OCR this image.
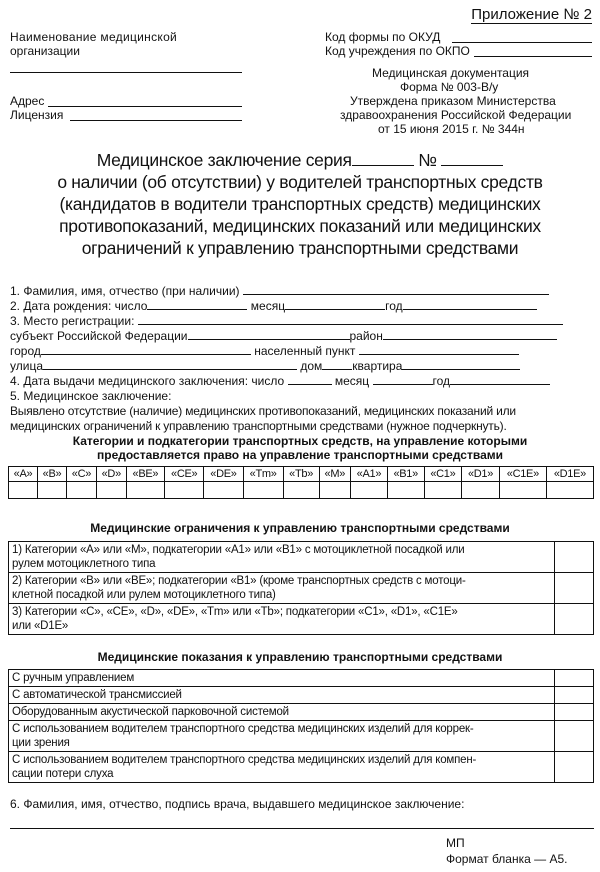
Приложение № 2
Наименование медицинской
организации
Адрес
Лицензия
Код формы по ОКУД
Код учреждения по ОКПО
Медицинская документация
Форма № 003-В/у
Утверждена приказом Министерства
здравоохранения Российской Федерации
от 15 июня 2015 г. № 344н
Медицинское заключение серия	№
о наличии (об отсутствии) у водителей транспортных средств
(кандидатов в водители транспортных средств) медицинских
противопоказаний, медицинских показаний или медицинских
ограничений к управлению транспортными средствами
1. Фамилия, имя, отчество (при наличии)
2. Дата рождения: число	месяц	год
3. Место регистрации:
субъект Российской Федерации	район
город	населенный пункт
улица	дом	квартира
4. Дата выдачи медицинского заключения: число	месяц	год
5. Медицинское заключение:
Выявлено отсутствие (наличие) медицинских противопоказаний, медицинских показаний или
медицинских ограничений к управлению транспортными средствами (нужное подчеркнуть).
Категории и подкатегории транспортных средств, на управление которыми
предоставляется право на управление транспортными средствами
«А»	«В»	«С»	«D»	«ВЕ»	«СЕ»	«DE»	«Tm»	«Tb»	«М»	«А1»	«В1»	«С1»	«D1»	«С1Е»	«D1E»

Медицинские ограничения к управлению транспортными средствами
1) Категории «А» или «М», подкатегории «А1» или «В1» с мотоциклетной посадкой или
рулем мотоциклетного типа	

2) Категории «В» или «ВЕ»; подкатегории «В1» (кроме транспортных средств с мотоци-
клетной посадкой или рулем мотоциклетного типа)	

3) Категории «С», «СЕ», «D», «DE», «Tm» или «Tb»; подкатегории «С1», «D1», «С1Е»
или «D1E»	

Медицинские показания к управлению транспортными средствами
С ручным управлением	

С автоматической трансмиссией	

Оборудованным акустической парковочной системой	

С использованием водителем транспортного средства медицинских изделий для коррек-
ции зрения	

С использованием водителем транспортного средства медицинских изделий для компен-
сации потери слуха	

6. Фамилия, имя, отчество, подпись врача, выдавшего медицинское заключение:
МП
Формат бланка — А5.
